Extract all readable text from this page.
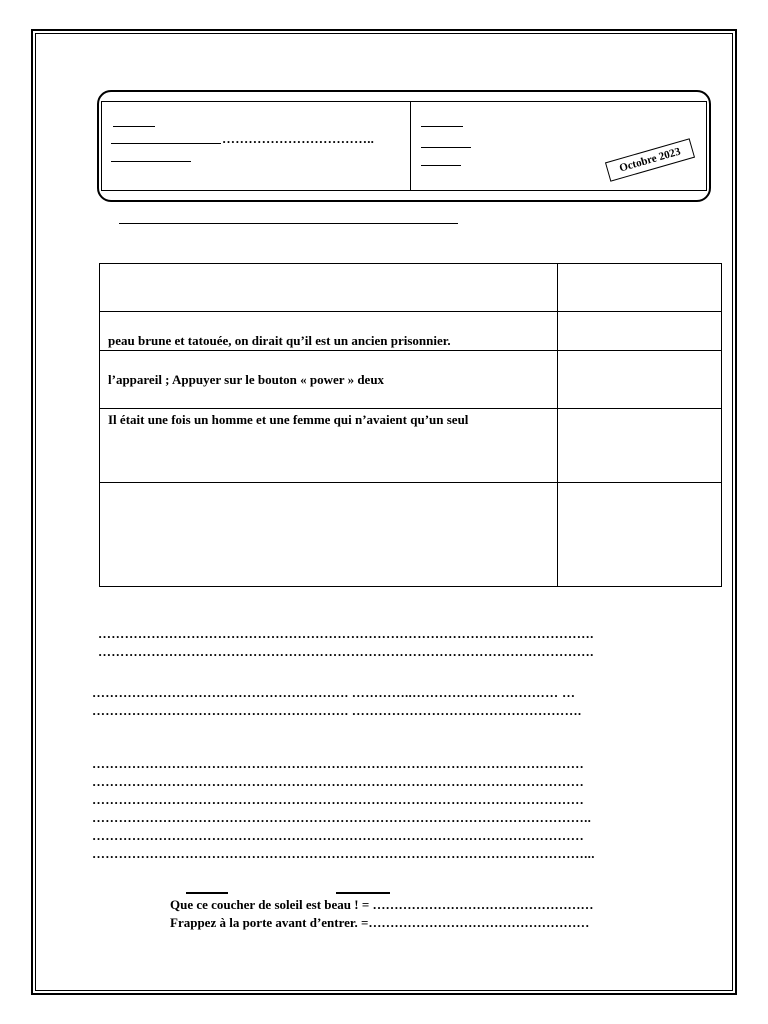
……………………………..
Octobre 2023

peau brune et tatouée, on dirait qu’il est un ancien prisonnier.	

l’appareil ; Appuyer sur le bouton « power » deux	

Il était une fois un homme et une femme qui n’avaient qu’un seul	

………………………………………………………………………………………………….
………………………………………………………………………………………………….
…………………………………………………. …………..…………………………… …
…………………………………………………. …………………………………………….
…………………………………………………………………………………………………
…………………………………………………………………………………………………
…………………………………………………………………………………………………
…………………………………………………………………………………………………..
…………………………………………………………………………………………………
…………………………………………………………………………………………………...
Que ce coucher de soleil est beau ! = ……………………………………………
Frappez à la porte avant d’entrer. =……………………………………………
